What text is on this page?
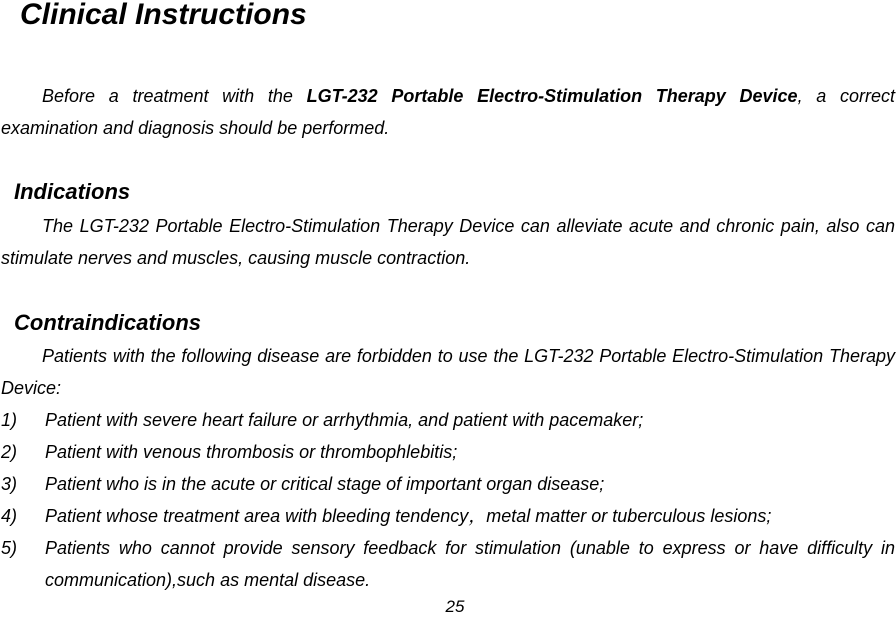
Clinical Instructions

Before a treatment with the LGT-232 Portable Electro-Stimulation Therapy Device, a correct examination and diagnosis should be performed.

Indications

The LGT-232 Portable Electro-Stimulation Therapy Device can alleviate acute and chronic pain, also can stimulate nerves and muscles, causing muscle contraction.

Contraindications

Patients with the following disease are forbidden to use the LGT-232 Portable Electro-Stimulation Therapy Device:

1) Patient with severe heart failure or arrhythmia, and patient with pacemaker;
2) Patient with venous thrombosis or thrombophlebitis;
3) Patient who is in the acute or critical stage of important organ disease;
4) Patient whose treatment area with bleeding tendency，metal matter or tuberculous lesions;
5) Patients who cannot provide sensory feedback for stimulation (unable to express or have difficulty in communication),such as mental disease.
25
